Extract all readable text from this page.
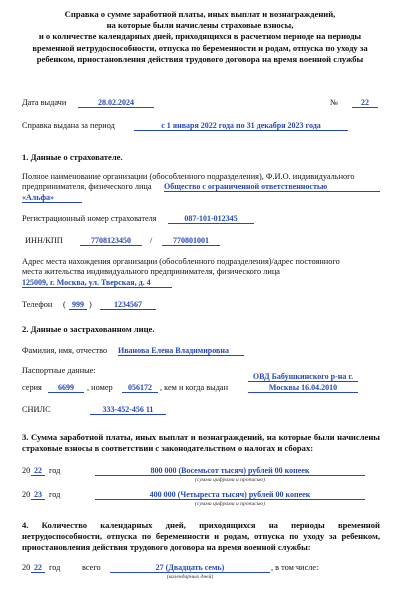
Справка о сумме заработной платы, иных выплат и вознаграждений,
на которые были начислены страховые взносы,
и о количестве календарных дней, приходящихся в расчетном периоде на периоды
временной нетрудоспособности, отпуска по беременности и родам, отпуска по уходу за
ребенком, приостановления действия трудового договора на время военной службы
Дата выдачи	28.02.2024	№	22
Справка выдана за период	с 1 января 2022 года по 31 декабря 2023 года
1. Данные о страхователе.
Полное наименование организации (обособленного подразделения), Ф.И.О. индивидуального
предпринимателя, физического лица Общество с ограниченной ответственностью
«Альфа»
Регистрационный номер страхователя	087-101-012345
ИНН/КПП	7708123450	/	770801001
Адрес места нахождения организации (обособленного подразделения)/адрес постоянного
места жительства индивидуального предпринимателя, физического лица
125009, г. Москва, ул. Тверская, д. 4
Телефон ( 999 )	1234567
2. Данные о застрахованном лице.
Фамилия, имя, отчество Иванова Елена Владимировна
Паспортные данные:
ОВД Бабушкинского р-на г.
серия	6699	, номер	056172 , кем и когда выдан	Москвы 16.04.2010
СНИЛС	333-452-456 11
3. Сумма заработной платы, иных выплат и вознаграждений, на которые были начислены страховые взносы в соответствии с законодательством о налогах и сборах:
20 22 год	800 000 (Восемьсот тысяч) рублей 00 копеек
(сумма цифрами и прописью)
20 23 год	400 000 (Четыреста тысяч) рублей 00 копеек
(сумма цифрами и прописью)
4. Количество календарных дней, приходящихся на периоды временной нетрудоспособности, отпуска по беременности и родам, отпуска по уходу за ребенком, приостановления действия трудового договора на время военной службы:
20 22 год	всего	27 (Двадцать семь)	, в том числе:
(календарных дней)
